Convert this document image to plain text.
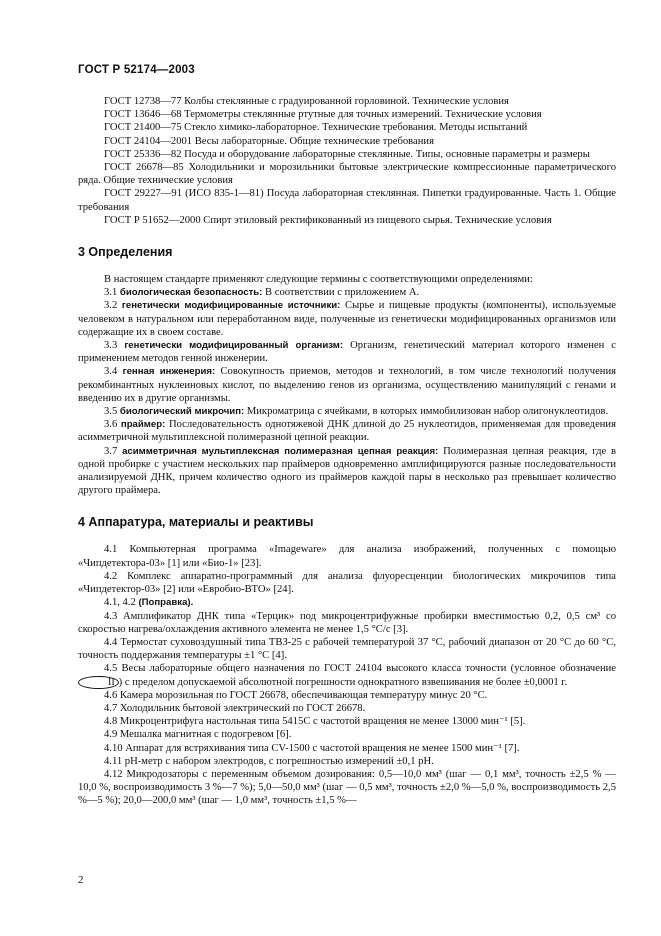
ГОСТ Р 52174—2003

ГОСТ 12738—77 Колбы стеклянные с градуированной горловиной. Технические условия

ГОСТ 13646—68 Термометры стеклянные ртутные для точных измерений. Технические условия

ГОСТ 21400—75 Стекло химико-лабораторное. Технические требования. Методы испытаний

ГОСТ 24104—2001 Весы лабораторные. Общие технические требования

ГОСТ 25336—82 Посуда и оборудование лабораторные стеклянные. Типы, основные параметры и размеры

ГОСТ 26678—85 Холодильники и морозильники бытовые электрические компрессионные параметрического ряда. Общие технические условия

ГОСТ 29227—91 (ИСО 835-1—81) Посуда лабораторная стеклянная. Пипетки градуированные. Часть 1. Общие требования

ГОСТ Р 51652—2000 Спирт этиловый ректификованный из пищевого сырья. Технические условия

3 Определения

В настоящем стандарте применяют следующие термины с соответствующими определениями:

3.1 биологическая безопасность: В соответствии с приложением А.

3.2 генетически модифицированные источники: Сырье и пищевые продукты (компоненты), используемые человеком в натуральном или переработанном виде, полученные из генетически модифицированных организмов или содержащие их в своем составе.

3.3 генетически модифицированный организм: Организм, генетический материал которого изменен с применением методов генной инженерии.

3.4 генная инженерия: Совокупность приемов, методов и технологий, в том числе технологий получения рекомбинантных нуклеиновых кислот, по выделению генов из организма, осуществлению манипуляций с генами и введению их в другие организмы.

3.5 биологический микрочип: Микроматрица с ячейками, в которых иммобилизован набор олигонуклеотидов.

3.6 праймер: Последовательность однотяжевой ДНК длиной до 25 нуклеотидов, применяемая для проведения асимметричной мультиплексной полимеразной цепной реакции.

3.7 асимметричная мультиплексная полимеразная цепная реакция: Полимеразная цепная реакция, где в одной пробирке с участием нескольких пар праймеров одновременно амплифицируются разные последовательности анализируемой ДНК, причем количество одного из праймеров каждой пары в несколько раз превышает количество другого праймера.

4 Аппаратура, материалы и реактивы

4.1 Компьютерная программа «Imageware» для анализа изображений, полученных с помощью «Чипдетектора-03» [1] или «Био-1» [23].

4.2 Комплекс аппаратно-программный для анализа флуоресценции биологических микрочипов типа «Чипдетектор-03» [2] или «Евробио-ВТО» [24].

4.1, 4.2 (Поправка).

4.3 Амплификатор ДНК типа «Терцик» под микроцентрифужные пробирки вместимостью 0,2, 0,5 см³ со скоростью нагрева/охлаждения активного элемента не менее 1,5 °С/с [3].

4.4 Термостат суховоздушный типа ТВЗ-25 с рабочей температурой 37 °С, рабочий диапазон от 20 °С до 60 °С, точность поддержания температуры ±1 °С [4].

4.5 Весы лабораторные общего назначения по ГОСТ 24104 высокого класса точности (условное обозначение II ) с пределом допускаемой абсолютной погрешности однократного взвешивания не более ±0,0001 г.

4.6 Камера морозильная по ГОСТ 26678, обеспечивающая температуру минус 20 °С.

4.7 Холодильник бытовой электрический по ГОСТ 26678.

4.8 Микроцентрифуга настольная типа 5415С с частотой вращения не менее 13000 мин⁻¹ [5].

4.9 Мешалка магнитная с подогревом [6].

4.10 Аппарат для встряхивания типа СV-1500 с частотой вращения не менее 1500 мин⁻¹ [7].

4.11 рН-метр с набором электродов, с погрешностью измерений ±0,1 рН.

4.12 Микродозаторы с переменным объемом дозирования: 0,5—10,0 мм³ (шаг — 0,1 мм³, точность ±2,5 % — 10,0 %, воспроизводимость 3 %—7 %); 5,0—50,0 мм³ (шаг — 0,5 мм³, точность ±2,0 %—5,0 %, воспроизводимость 2,5 %—5 %); 20,0—200,0 мм³ (шаг — 1,0 мм³, точность ±1,5 %—

2
